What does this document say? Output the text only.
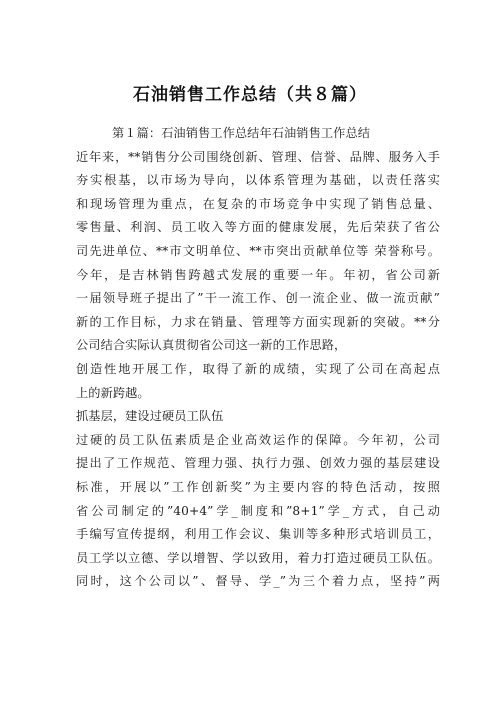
石油销售工作总结（共８篇）
第１篇：石油销售工作总结年石油销售工作总结
近年来，**销售分公司围绕创新、管理、信誉、品牌、服务入手
夯实根基，以市场为导向，以体系管理为基础，以责任落实
和现场管理为重点，在复杂的市场竞争中实现了销售总量、
零售量、利润、员工收入等方面的健康发展，先后荣获了省公
司先进单位、**市文明单位、**市突出贡献单位等 荣誉称号。
今年，是吉林销售跨越式发展的重要一年。年初，省公司新
一届领导班子提出了”干一流工作、创一流企业、做一流贡献”
新的工作目标，力求在销量、管理等方面实现新的突破。**分
公司结合实际认真贯彻省公司这一新的工作思路，
创造性地开展工作，取得了新的成绩，实现了公司在高起点
上的新跨越。
抓基层，建设过硬员工队伍
过硬的员工队伍素质是企业高效运作的保障。今年初，公司
提出了工作规范、管理力强、执行力强、创效力强的基层建设
标准，开展以”工作创新奖”为主要内容的特色活动，按照
省公司制定的”40+4”学_制度和”8+1”学_方式，自己动
手编写宣传提纲，利用工作会议、集训等多种形式培训员工，
员工学以立德、学以增智、学以致用，着力打造过硬员工队伍。
同时，这个公司以”、督导、学_”为三个着力点，坚持”两
